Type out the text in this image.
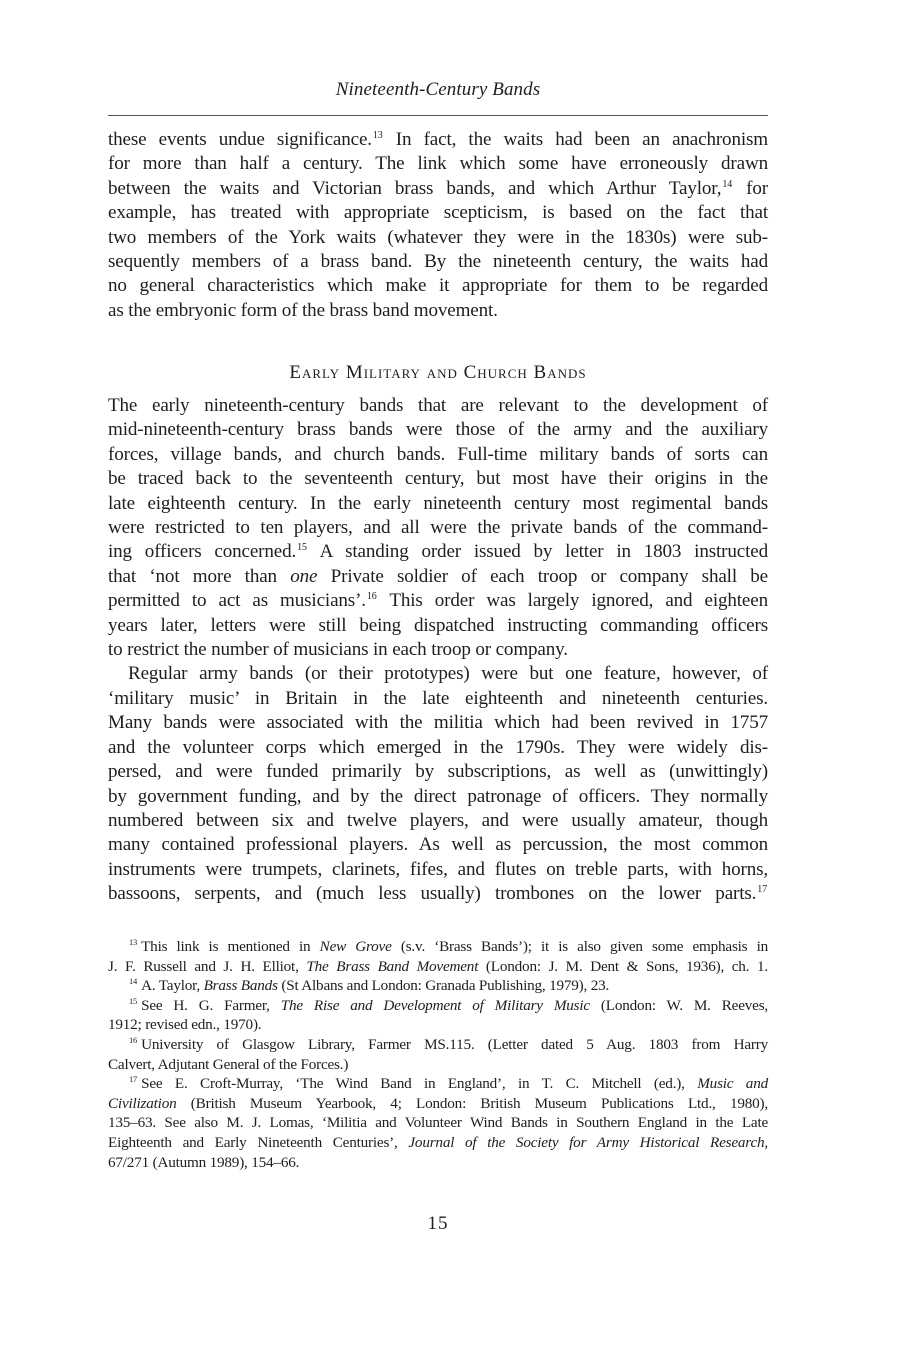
Nineteenth-Century Bands
these events undue significance.$^{13}$ In fact, the waits had been an anachronism
for more than half a century. The link which some have erroneously drawn
between the waits and Victorian brass bands, and which Arthur Taylor,$^{14}$ for
example, has treated with appropriate scepticism, is based on the fact that
two members of the York waits (whatever they were in the 1830s) were sub-
sequently members of a brass band. By the nineteenth century, the waits had
no general characteristics which make it appropriate for them to be regarded
as the embryonic form of the brass band movement.
Early Military and Church Bands
The early nineteenth-century bands that are relevant to the development of
mid-nineteenth-century brass bands were those of the army and the auxiliary
forces, village bands, and church bands. Full-time military bands of sorts can
be traced back to the seventeenth century, but most have their origins in the
late eighteenth century. In the early nineteenth century most regimental bands
were restricted to ten players, and all were the private bands of the command-
ing officers concerned.$^{15}$ A standing order issued by letter in 1803 instructed
that ‘not more than one Private soldier of each troop or company shall be
permitted to act as musicians’.$^{16}$ This order was largely ignored, and eighteen
years later, letters were still being dispatched instructing commanding officers
to restrict the number of musicians in each troop or company.
Regular army bands (or their prototypes) were but one feature, however, of
‘military music’ in Britain in the late eighteenth and nineteenth centuries.
Many bands were associated with the militia which had been revived in 1757
and the volunteer corps which emerged in the 1790s. They were widely dis-
persed, and were funded primarily by subscriptions, as well as (unwittingly)
by government funding, and by the direct patronage of officers. They normally
numbered between six and twelve players, and were usually amateur, though
many contained professional players. As well as percussion, the most common
instruments were trumpets, clarinets, fifes, and flutes on treble parts, with horns,
bassoons, serpents, and (much less usually) trombones on the lower parts.$^{17}$
$^{13}$ This link is mentioned in New Grove (s.v. ‘Brass Bands’); it is also given some emphasis in
J. F. Russell and J. H. Elliot, The Brass Band Movement (London: J. M. Dent & Sons, 1936), ch. 1.
$^{14}$ A. Taylor, Brass Bands (St Albans and London: Granada Publishing, 1979), 23.
$^{15}$ See H. G. Farmer, The Rise and Development of Military Music (London: W. M. Reeves,
1912; revised edn., 1970).
$^{16}$ University of Glasgow Library, Farmer MS.115. (Letter dated 5 Aug. 1803 from Harry
Calvert, Adjutant General of the Forces.)
$^{17}$ See E. Croft-Murray, ‘The Wind Band in England’, in T. C. Mitchell (ed.), Music and
Civilization (British Museum Yearbook, 4; London: British Museum Publications Ltd., 1980),
135–63. See also M. J. Lomas, ‘Militia and Volunteer Wind Bands in Southern England in the Late
Eighteenth and Early Nineteenth Centuries’, Journal of the Society for Army Historical Research,
67/271 (Autumn 1989), 154–66.
15
